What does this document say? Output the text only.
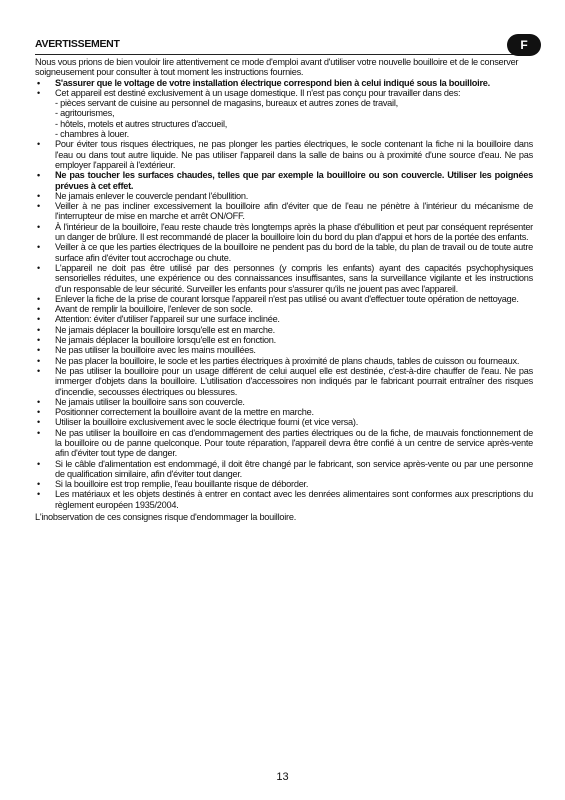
AVERTISSEMENT	F

Nous vous prions de bien vouloir lire attentivement ce mode d'emploi avant d'utiliser votre nouvelle bouilloire et de le conserver soigneusement pour consulter à tout moment les instructions fournies.

• S'assurer que le voltage de votre installation électrique correspond bien à celui indiqué sous la bouilloire.
• Cet appareil est destiné exclusivement à un usage domestique. Il n'est pas conçu pour travailler dans des:
- pièces servant de cuisine au personnel de magasins, bureaux et autres zones de travail,
- agritourismes,
- hôtels, motels et autres structures d'accueil,
- chambres à louer.
• Pour éviter tous risques électriques, ne pas plonger les parties électriques, le socle contenant la fiche ni la bouilloire dans l'eau ou dans tout autre liquide. Ne pas utiliser l'appareil dans la salle de bains ou à proximité d'une source d'eau. Ne pas employer l'appareil à l'extérieur.
• Ne pas toucher les surfaces chaudes, telles que par exemple la bouilloire ou son couvercle. Utiliser les poignées prévues à cet effet.
• Ne jamais enlever le couvercle pendant l'ébullition.
• Veiller à ne pas incliner excessivement la bouilloire afin d'éviter que de l'eau ne pénètre à l'intérieur du mécanisme de l'interrupteur de mise en marche et arrêt ON/OFF.
• À l'intérieur de la bouilloire, l'eau reste chaude très longtemps après la phase d'ébullition et peut par conséquent représenter un danger de brûlure. Il est recommandé de placer la bouilloire loin du bord du plan d'appui et hors de la portée des enfants.
• Veiller à ce que les parties électriques de la bouilloire ne pendent pas du bord de la table, du plan de travail ou de toute autre surface afin d'éviter tout accrochage ou chute.
• L'appareil ne doit pas être utilisé par des personnes (y compris les enfants) ayant des capacités psychophysiques sensorielles réduites, une expérience ou des connaissances insuffisantes, sans la surveillance vigilante et les instructions d'un responsable de leur sécurité. Surveiller les enfants pour s'assurer qu'ils ne jouent pas avec l'appareil.
• Enlever la fiche de la prise de courant lorsque l'appareil n'est pas utilisé ou avant d'effectuer toute opération de nettoyage.
• Avant de remplir la bouilloire, l'enlever de son socle.
• Attention: éviter d'utiliser l'appareil sur une surface inclinée.
• Ne jamais déplacer la bouilloire lorsqu'elle est en marche.
• Ne jamais déplacer la bouilloire lorsqu'elle est en fonction.
• Ne pas utiliser la bouilloire avec les mains mouillées.
• Ne pas placer la bouilloire, le socle et les parties électriques à proximité de plans chauds, tables de cuisson ou fourneaux.
• Ne pas utiliser la bouilloire pour un usage différent de celui auquel elle est destinée, c'est-à-dire chauffer de l'eau. Ne pas immerger d'objets dans la bouilloire. L'utilisation d'accessoires non indiqués par le fabricant pourrait entraîner des risques d'incendie, secousses électriques ou blessures.
• Ne jamais utiliser la bouilloire sans son couvercle.
• Positionner correctement la bouilloire avant de la mettre en marche.
• Utiliser la bouilloire exclusivement avec le socle électrique fourni (et vice versa).
• Ne pas utiliser la bouilloire en cas d'endommagement des parties électriques ou de la fiche, de mauvais fonctionnement de la bouilloire ou de panne quelconque. Pour toute réparation, l'appareil devra être confié à un centre de service après-vente afin d'éviter tout type de danger.
• Si le câble d'alimentation est endommagé, il doit être changé par le fabricant, son service après-vente ou par une personne de qualification similaire, afin d'éviter tout danger.
• Si la bouilloire est trop remplie, l'eau bouillante risque de déborder.
• Les matériaux et les objets destinés à entrer en contact avec les denrées alimentaires sont conformes aux prescriptions du règlement européen 1935/2004.

L'inobservation de ces consignes risque d'endommager la bouilloire.

13
